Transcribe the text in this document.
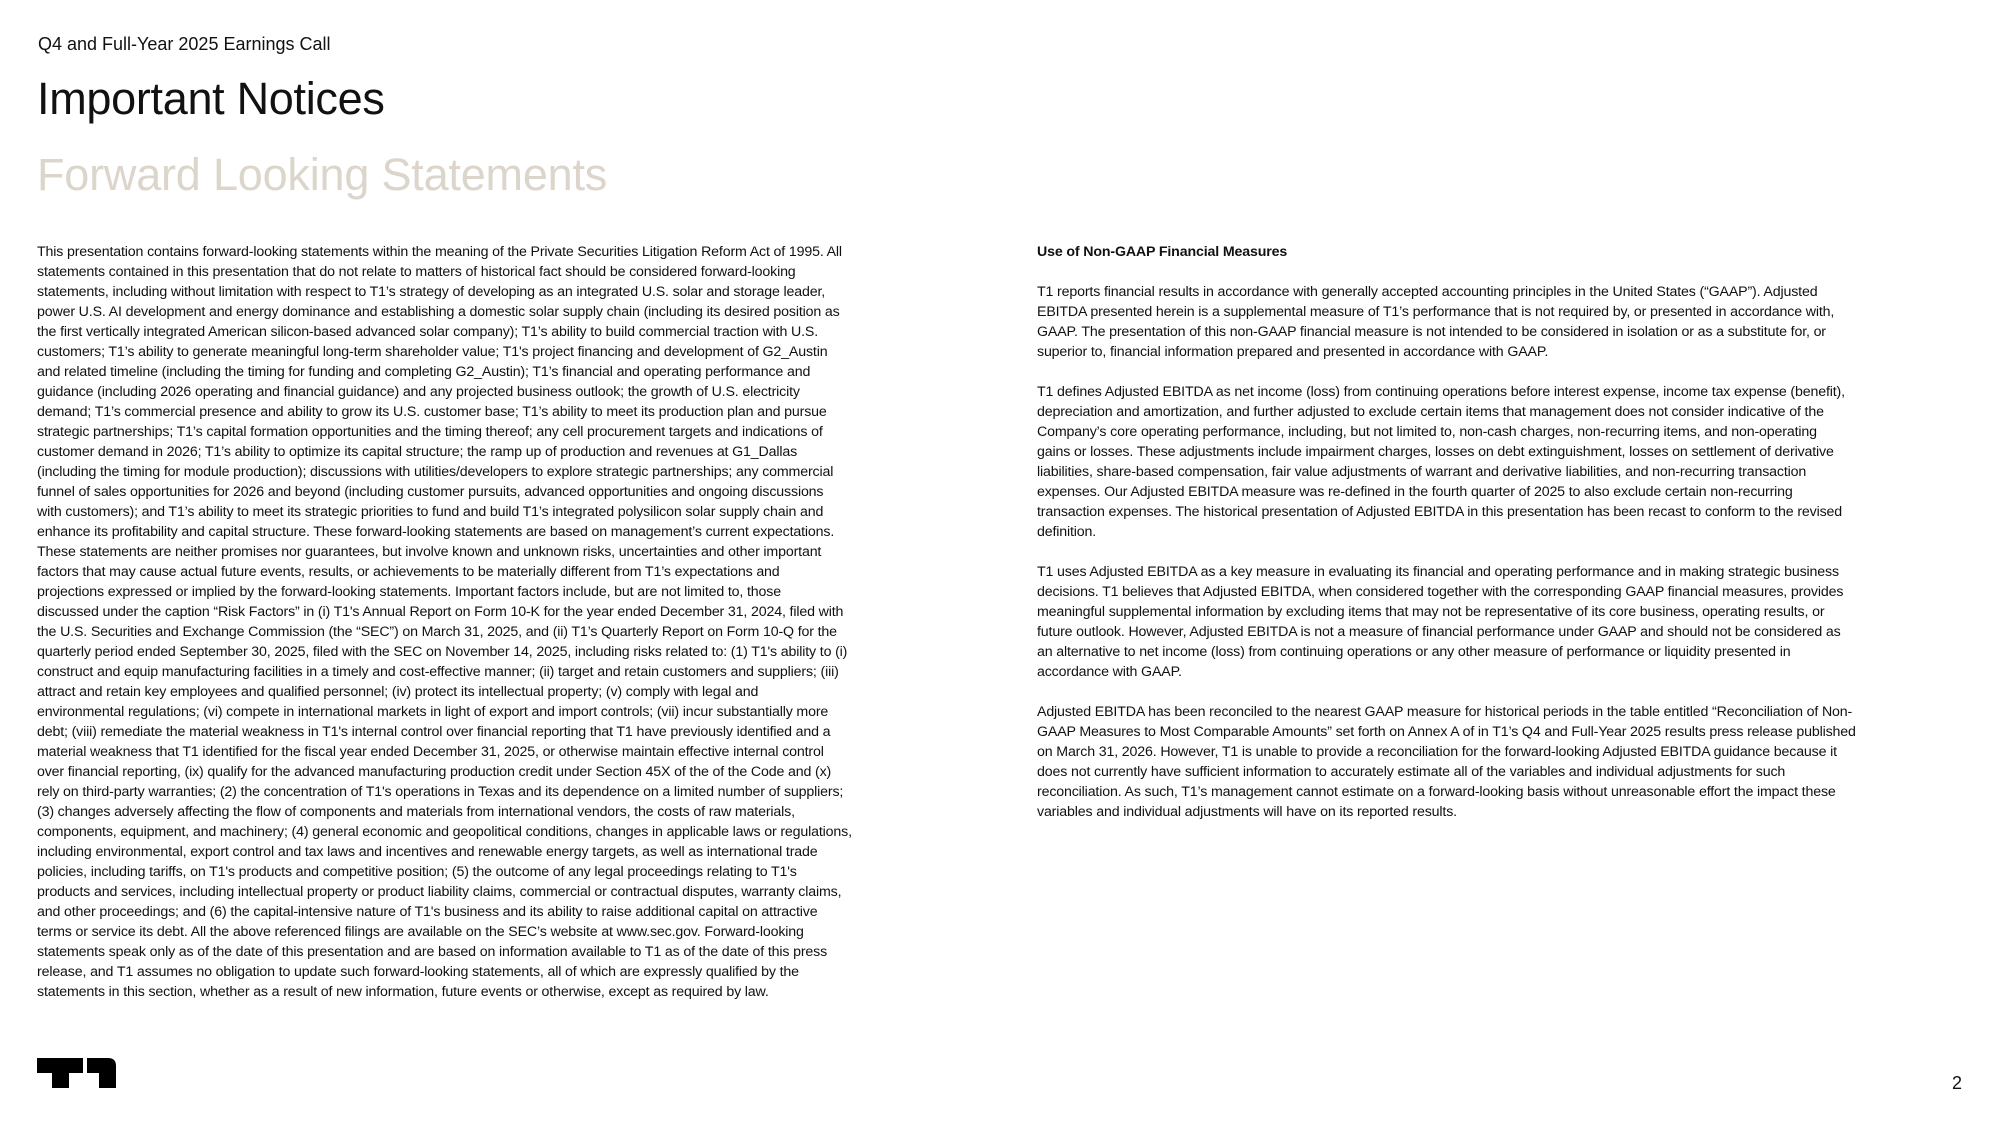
Q4 and Full-Year 2025 Earnings Call
Important Notices
Forward Looking Statements
This presentation contains forward-looking statements within the meaning of the Private Securities Litigation Reform Act of 1995. All
statements contained in this presentation that do not relate to matters of historical fact should be considered forward-looking
statements, including without limitation with respect to T1’s strategy of developing as an integrated U.S. solar and storage leader,
power U.S. AI development and energy dominance and establishing a domestic solar supply chain (including its desired position as
the first vertically integrated American silicon-based advanced solar company); T1’s ability to build commercial traction with U.S.
customers; T1’s ability to generate meaningful long-term shareholder value; T1's project financing and development of G2_Austin
and related timeline (including the timing for funding and completing G2_Austin); T1’s financial and operating performance and
guidance (including 2026 operating and financial guidance) and any projected business outlook; the growth of U.S. electricity
demand; T1’s commercial presence and ability to grow its U.S. customer base; T1’s ability to meet its production plan and pursue
strategic partnerships; T1’s capital formation opportunities and the timing thereof; any cell procurement targets and indications of
customer demand in 2026; T1’s ability to optimize its capital structure; the ramp up of production and revenues at G1_Dallas
(including the timing for module production); discussions with utilities/developers to explore strategic partnerships; any commercial
funnel of sales opportunities for 2026 and beyond (including customer pursuits, advanced opportunities and ongoing discussions
with customers); and T1’s ability to meet its strategic priorities to fund and build T1’s integrated polysilicon solar supply chain and
enhance its profitability and capital structure. These forward-looking statements are based on management’s current expectations.
These statements are neither promises nor guarantees, but involve known and unknown risks, uncertainties and other important
factors that may cause actual future events, results, or achievements to be materially different from T1’s expectations and
projections expressed or implied by the forward-looking statements. Important factors include, but are not limited to, those
discussed under the caption “Risk Factors” in (i) T1's Annual Report on Form 10-K for the year ended December 31, 2024, filed with
the U.S. Securities and Exchange Commission (the “SEC”) on March 31, 2025, and (ii) T1’s Quarterly Report on Form 10-Q for the
quarterly period ended September 30, 2025, filed with the SEC on November 14, 2025, including risks related to: (1) T1's ability to (i)
construct and equip manufacturing facilities in a timely and cost-effective manner; (ii) target and retain customers and suppliers; (iii)
attract and retain key employees and qualified personnel; (iv) protect its intellectual property; (v) comply with legal and
environmental regulations; (vi) compete in international markets in light of export and import controls; (vii) incur substantially more
debt; (viii) remediate the material weakness in T1's internal control over financial reporting that T1 have previously identified and a
material weakness that T1 identified for the fiscal year ended December 31, 2025, or otherwise maintain effective internal control
over financial reporting, (ix) qualify for the advanced manufacturing production credit under Section 45X of the of the Code and (x)
rely on third-party warranties; (2) the concentration of T1's operations in Texas and its dependence on a limited number of suppliers;
(3) changes adversely affecting the flow of components and materials from international vendors, the costs of raw materials,
components, equipment, and machinery; (4) general economic and geopolitical conditions, changes in applicable laws or regulations,
including environmental, export control and tax laws and incentives and renewable energy targets, as well as international trade
policies, including tariffs, on T1's products and competitive position; (5) the outcome of any legal proceedings relating to T1's
products and services, including intellectual property or product liability claims, commercial or contractual disputes, warranty claims,
and other proceedings; and (6) the capital-intensive nature of T1's business and its ability to raise additional capital on attractive
terms or service its debt. All the above referenced filings are available on the SEC’s website at www.sec.gov. Forward-looking
statements speak only as of the date of this presentation and are based on information available to T1 as of the date of this press
release, and T1 assumes no obligation to update such forward-looking statements, all of which are expressly qualified by the
statements in this section, whether as a result of new information, future events or otherwise, except as required by law.
Use of Non-GAAP Financial Measures
T1 reports financial results in accordance with generally accepted accounting principles in the United States (“GAAP”). Adjusted
EBITDA presented herein is a supplemental measure of T1’s performance that is not required by, or presented in accordance with,
GAAP. The presentation of this non-GAAP financial measure is not intended to be considered in isolation or as a substitute for, or
superior to, financial information prepared and presented in accordance with GAAP.
T1 defines Adjusted EBITDA as net income (loss) from continuing operations before interest expense, income tax expense (benefit),
depreciation and amortization, and further adjusted to exclude certain items that management does not consider indicative of the
Company’s core operating performance, including, but not limited to, non-cash charges, non-recurring items, and non-operating
gains or losses. These adjustments include impairment charges, losses on debt extinguishment, losses on settlement of derivative
liabilities, share-based compensation, fair value adjustments of warrant and derivative liabilities, and non-recurring transaction
expenses. Our Adjusted EBITDA measure was re-defined in the fourth quarter of 2025 to also exclude certain non-recurring
transaction expenses. The historical presentation of Adjusted EBITDA in this presentation has been recast to conform to the revised
definition.
T1 uses Adjusted EBITDA as a key measure in evaluating its financial and operating performance and in making strategic business
decisions. T1 believes that Adjusted EBITDA, when considered together with the corresponding GAAP financial measures, provides
meaningful supplemental information by excluding items that may not be representative of its core business, operating results, or
future outlook. However, Adjusted EBITDA is not a measure of financial performance under GAAP and should not be considered as
an alternative to net income (loss) from continuing operations or any other measure of performance or liquidity presented in
accordance with GAAP.
Adjusted EBITDA has been reconciled to the nearest GAAP measure for historical periods in the table entitled “Reconciliation of Non-
GAAP Measures to Most Comparable Amounts” set forth on Annex A of in T1’s Q4 and Full-Year 2025 results press release published
on March 31, 2026. However, T1 is unable to provide a reconciliation for the forward-looking Adjusted EBITDA guidance because it
does not currently have sufficient information to accurately estimate all of the variables and individual adjustments for such
reconciliation. As such, T1’s management cannot estimate on a forward-looking basis without unreasonable effort the impact these
variables and individual adjustments will have on its reported results.
2
